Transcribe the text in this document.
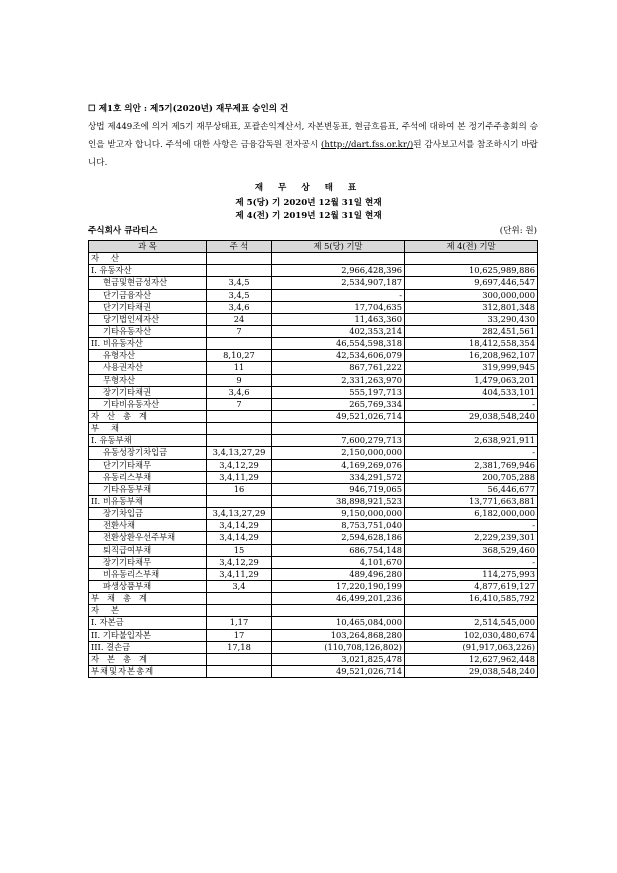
☐ 제1호 의안 : 제5기(2020년) 재무제표 승인의 건
상법 제449조에 의거 제5기 재무상태표, 포괄손익계산서, 자본변동표, 현금흐름표, 주석에 대하여 본 정기주주총회의 승인을 받고자 합니다. 주석에 대한 사항은 금융감독원 전자공시 (http://dart.fss.or.kr/)된 감사보고서를 참조하시기 바랍니다.
재 무 상 태 표
제 5(당) 기 2020년 12월 31일 현재
제 4(전) 기 2019년 12월 31일 현재
주식회사 큐라티스	(단위: 원)
과 목	주 석	제 5(당) 기말	제 4(전) 기말
자산			
I. 유동자산		2,966,428,396	10,625,989,886
현금및현금성자산	3,4,5	2,534,907,187	9,697,446,547
단기금융자산	3,4,5	-	300,000,000
단기기타채권	3,4,6	17,704,635	312,801,348
당기법인세자산	24	11,463,360	33,290,430
기타유동자산	7	402,353,214	282,451,561
II. 비유동자산		46,554,598,318	18,412,558,354
유형자산	8,10,27	42,534,606,079	16,208,962,107
사용권자산	11	867,761,222	319,999,945
무형자산	9	2,331,263,970	1,479,063,201
장기기타채권	3,4,6	555,197,713	404,533,101
기타비유동자산	7	265,769,334	-
자산총계		49,521,026,714	29,038,548,240
부채			
I. 유동부채		7,600,279,713	2,638,921,911
유동성장기차입금	3,4,13,27,29	2,150,000,000	-
단기기타채무	3,4,12,29	4,169,269,076	2,381,769,946
유동리스부채	3,4,11,29	334,291,572	200,705,288
기타유동부채	16	946,719,065	56,446,677
II. 비유동부채		38,898,921,523	13,771,663,881
장기차입금	3,4,13,27,29	9,150,000,000	6,182,000,000
전환사채	3,4,14,29	8,753,751,040	-
전환상환우선주부채	3,4,14,29	2,594,628,186	2,229,239,301
퇴직급여부채	15	686,754,148	368,529,460
장기기타채무	3,4,12,29	4,101,670	-
비유동리스부채	3,4,11,29	489,496,280	114,275,993
파생상품부채	3,4	17,220,190,199	4,877,619,127
부채총계		46,499,201,236	16,410,585,792
자본			
I. 자본금	1,17	10,465,084,000	2,514,545,000
II. 기타불입자본	17	103,264,868,280	102,030,480,674
III. 결손금	17,18	(110,708,126,802)	(91,917,063,226)
자본총계		3,021,825,478	12,627,962,448
부채및자본총계		49,521,026,714	29,038,548,240
